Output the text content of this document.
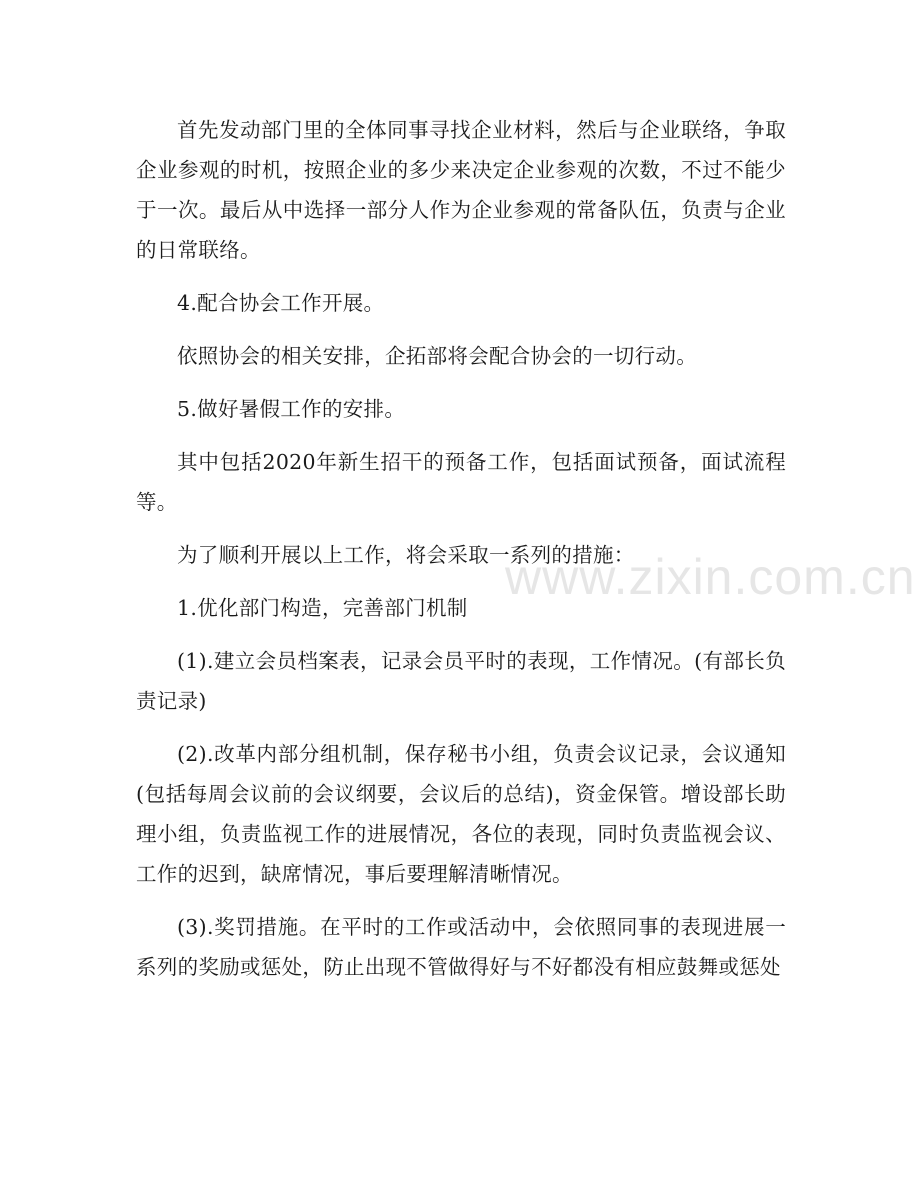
首先发动部门里的全体同事寻找企业材料，然后与企业联络，争取企业参观的时机，按照企业的多少来决定企业参观的次数，不过不能少于一次。最后从中选择一部分人作为企业参观的常备队伍，负责与企业的日常联络。

4.配合协会工作开展。

依照协会的相关安排，企拓部将会配合协会的一切行动。

5.做好暑假工作的安排。

其中包括2020年新生招干的预备工作，包括面试预备，面试流程等。

为了顺利开展以上工作，将会采取一系列的措施：

1.优化部门构造，完善部门机制

(1).建立会员档案表，记录会员平时的表现，工作情况。(有部长负责记录)

(2).改革内部分组机制，保存秘书小组，负责会议记录，会议通知(包括每周会议前的会议纲要，会议后的总结)，资金保管。增设部长助理小组，负责监视工作的进展情况，各位的表现，同时负责监视会议、工作的迟到，缺席情况，事后要理解清晰情况。

(3).奖罚措施。在平时的工作或活动中，会依照同事的表现进展一系列的奖励或惩处，防止出现不管做得好与不好都没有相应鼓舞或惩处

www.zixin.com.cn
